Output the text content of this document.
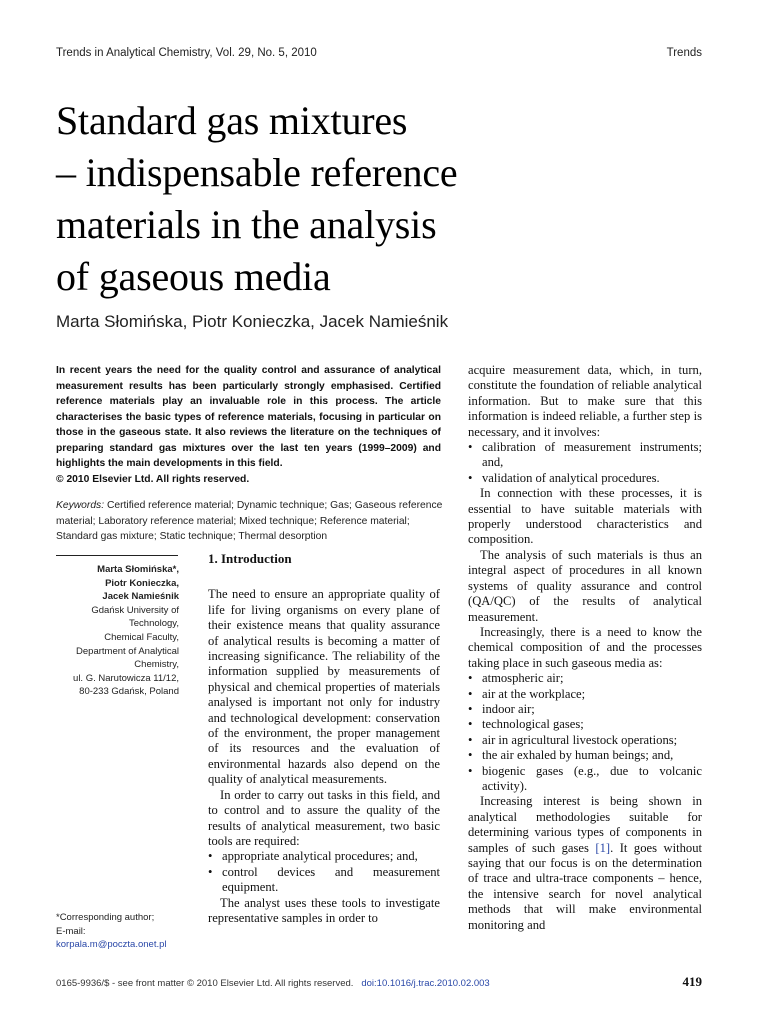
Trends in Analytical Chemistry, Vol. 29, No. 5, 2010	Trends
Standard gas mixtures
– indispensable reference
materials in the analysis
of gaseous media
Marta Słomińska, Piotr Konieczka, Jacek Namieśnik
In recent years the need for the quality control and assurance of analytical measurement results has been particularly strongly emphasised. Certified reference materials play an invaluable role in this process. The article characterises the basic types of reference materials, focusing in particular on those in the gaseous state. It also reviews the literature on the techniques of preparing standard gas mixtures over the last ten years (1999–2009) and highlights the main developments in this field.
© 2010 Elsevier Ltd. All rights reserved.
Keywords: Certified reference material; Dynamic technique; Gas; Gaseous reference material; Laboratory reference material; Mixed technique; Reference material; Standard gas mixture; Static technique; Thermal desorption
Marta Słomińska*,
Piotr Konieczka,
Jacek Namieśnik
Gdańsk University of
Technology,
Chemical Faculty,
Department of Analytical
Chemistry,
ul. G. Narutowicza 11/12,
80-233 Gdańsk, Poland
*Corresponding author;
E-mail:
korpala.m@poczta.onet.pl
1. Introduction

The need to ensure an appropriate quality of life for living organisms on every plane of their existence means that quality assurance of analytical results is becoming a matter of increasing significance. The reliability of the information supplied by measurements of physical and chemical properties of materials analysed is important not only for industry and technological development: conservation of the environment, the proper management of its resources and the evaluation of environmental hazards also depend on the quality of analytical measurements.

In order to carry out tasks in this field, and to control and to assure the quality of the results of analytical measurement, two basic tools are required:

• appropriate analytical procedures; and,
• control devices and measurement equipment.

The analyst uses these tools to investigate representative samples in order to

acquire measurement data, which, in turn, constitute the foundation of reliable analytical information. But to make sure that this information is indeed reliable, a further step is necessary, and it involves:

• calibration of measurement instruments; and,
• validation of analytical procedures.

In connection with these processes, it is essential to have suitable materials with properly understood characteristics and composition.

The analysis of such materials is thus an integral aspect of procedures in all known systems of quality assurance and control (QA/QC) of the results of analytical measurement.

Increasingly, there is a need to know the chemical composition of and the processes taking place in such gaseous media as:

• atmospheric air;
• air at the workplace;
• indoor air;
• technological gases;
• air in agricultural livestock operations;
• the air exhaled by human beings; and,
• biogenic gases (e.g., due to volcanic activity).

Increasing interest is being shown in analytical methodologies suitable for determining various types of components in samples of such gases [1]. It goes without saying that our focus is on the determination of trace and ultra-trace components – hence, the intensive search for novel analytical methods that will make environmental monitoring and

0165-9936/$ - see front matter © 2010 Elsevier Ltd. All rights reserved. doi:10.1016/j.trac.2010.02.003	419
